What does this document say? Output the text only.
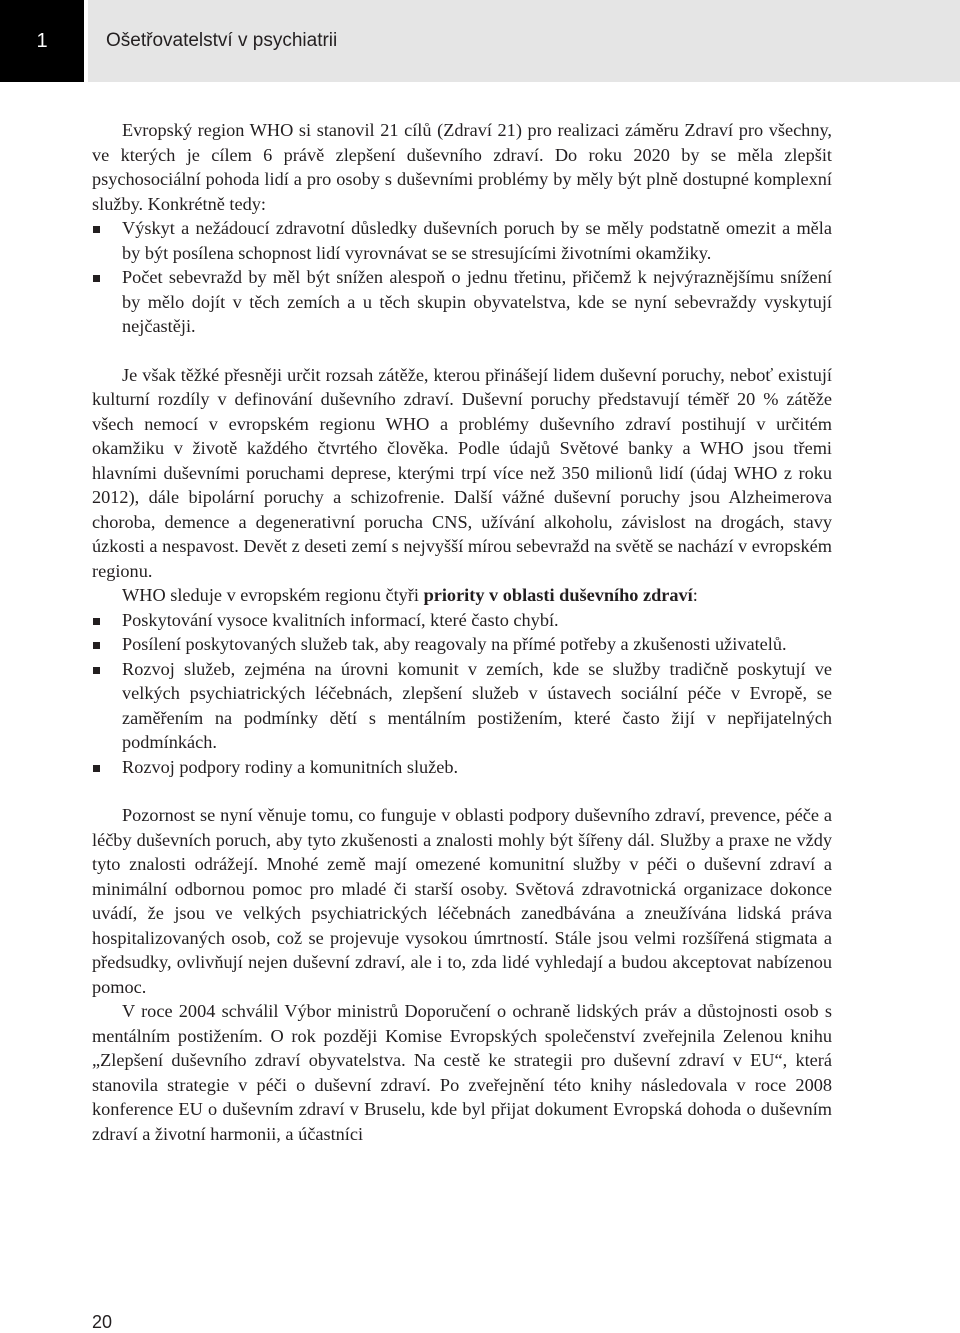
1	Ošetřovatelství v psychiatrii

Evropský region WHO si stanovil 21 cílů (Zdraví 21) pro realizaci záměru Zdraví pro všechny, ve kterých je cílem 6 právě zlepšení duševního zdraví. Do roku 2020 by se měla zlepšit psychosociální pohoda lidí a pro osoby s duševními problémy by měly být plně dostupné komplexní služby. Konkrétně tedy:

Výskyt a nežádoucí zdravotní důsledky duševních poruch by se měly podstatně omezit a měla by být posílena schopnost lidí vyrovnávat se se stresujícími životními okamžiky.
Počet sebevražd by měl být snížen alespoň o jednu třetinu, přičemž k nejvýraznějšímu snížení by mělo dojít v těch zemích a u těch skupin obyvatelstva, kde se nyní sebevraždy vyskytují nejčastěji.

Je však těžké přesněji určit rozsah zátěže, kterou přinášejí lidem duševní poruchy, neboť existují kulturní rozdíly v definování duševního zdraví. Duševní poruchy představují téměř 20 % zátěže všech nemocí v evropském regionu WHO a problémy duševního zdraví postihují v určitém okamžiku v životě každého čtvrtého člověka. Podle údajů Světové banky a WHO jsou třemi hlavními duševními poruchami deprese, kterými trpí více než 350 milionů lidí (údaj WHO z roku 2012), dále bipolární poruchy a schizofrenie. Další vážné duševní poruchy jsou Alzheimerova choroba, demence a degenerativní porucha CNS, užívání alkoholu, závislost na drogách, stavy úzkosti a nespavost. Devět z deseti zemí s nejvyšší mírou sebevražd na světě se nachází v evropském regionu.

WHO sleduje v evropském regionu čtyři priority v oblasti duševního zdraví:

Poskytování vysoce kvalitních informací, které často chybí.
Posílení poskytovaných služeb tak, aby reagovaly na přímé potřeby a zkušenosti uživatelů.
Rozvoj služeb, zejména na úrovni komunit v zemích, kde se služby tradičně poskytují ve velkých psychiatrických léčebnách, zlepšení služeb v ústavech sociální péče v Evropě, se zaměřením na podmínky dětí s mentálním postižením, které často žijí v nepřijatelných podmínkách.
Rozvoj podpory rodiny a komunitních služeb.

Pozornost se nyní věnuje tomu, co funguje v oblasti podpory duševního zdraví, prevence, péče a léčby duševních poruch, aby tyto zkušenosti a znalosti mohly být šířeny dál. Služby a praxe ne vždy tyto znalosti odrážejí. Mnohé země mají omezené komunitní služby v péči o duševní zdraví a minimální odbornou pomoc pro mladé či starší osoby. Světová zdravotnická organizace dokonce uvádí, že jsou ve velkých psychiatrických léčebnách zanedbávána a zneužívána lidská práva hospitalizovaných osob, což se projevuje vysokou úmrtností. Stále jsou velmi rozšířená stigmata a předsudky, ovlivňují nejen duševní zdraví, ale i to, zda lidé vyhledají a budou akceptovat nabízenou pomoc.

V roce 2004 schválil Výbor ministrů Doporučení o ochraně lidských práv a důstojnosti osob s mentálním postižením. O rok později Komise Evropských společenství zveřejnila Zelenou knihu „Zlepšení duševního zdraví obyvatelstva. Na cestě ke strategii pro duševní zdraví v EU“, která stanovila strategie v péči o duševní zdraví. Po zveřejnění této knihy následovala v roce 2008 konference EU o duševním zdraví v Bruselu, kde byl přijat dokument Evropská dohoda o duševním zdraví a životní harmonii, a účastníci

20
